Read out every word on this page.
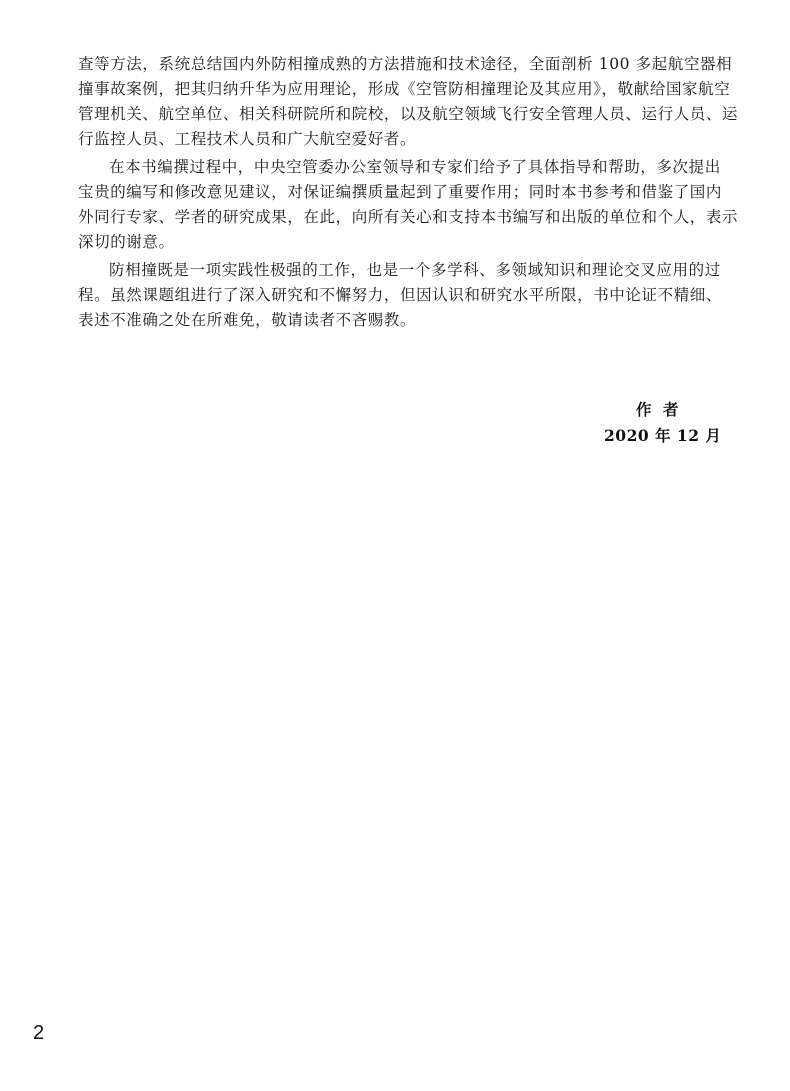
查等方法，系统总结国内外防相撞成熟的方法措施和技术途径，全面剖析 100 多起航空器相
撞事故案例，把其归纳升华为应用理论，形成《空管防相撞理论及其应用》，敬献给国家航空
管理机关、航空单位、相关科研院所和院校，以及航空领域飞行安全管理人员、运行人员、运
行监控人员、工程技术人员和广大航空爱好者。
在本书编撰过程中，中央空管委办公室领导和专家们给予了具体指导和帮助，多次提出
宝贵的编写和修改意见建议，对保证编撰质量起到了重要作用；同时本书参考和借鉴了国内
外同行专家、学者的研究成果，在此，向所有关心和支持本书编写和出版的单位和个人，表示
深切的谢意。
防相撞既是一项实践性极强的工作，也是一个多学科、多领域知识和理论交叉应用的过
程。虽然课题组进行了深入研究和不懈努力，但因认识和研究水平所限，书中论证不精细、
表述不准确之处在所难免，敬请读者不吝赐教。
作 者
2020 年 12 月
2
